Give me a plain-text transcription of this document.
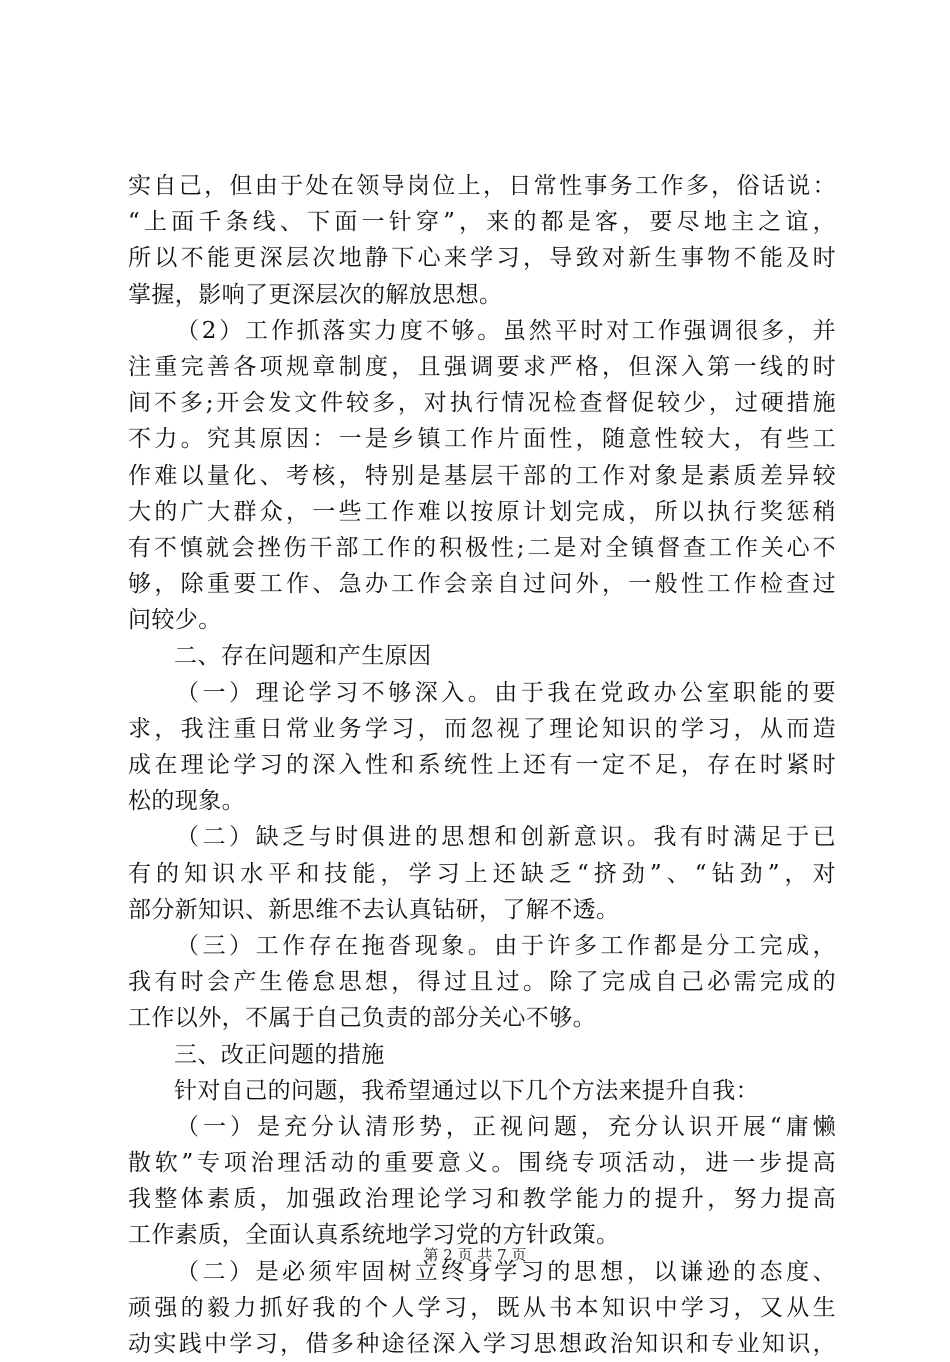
实自己，但由于处在领导岗位上，日常性事务工作多，俗话说：
“上面千条线、下面一针穿”，来的都是客，要尽地主之谊，
所以不能更深层次地静下心来学习，导致对新生事物不能及时
掌握，影响了更深层次的解放思想。
（2）工作抓落实力度不够。虽然平时对工作强调很多，并
注重完善各项规章制度，且强调要求严格，但深入第一线的时
间不多;开会发文件较多，对执行情况检查督促较少，过硬措施
不力。究其原因：一是乡镇工作片面性，随意性较大，有些工
作难以量化、考核，特别是基层干部的工作对象是素质差异较
大的广大群众，一些工作难以按原计划完成，所以执行奖惩稍
有不慎就会挫伤干部工作的积极性;二是对全镇督查工作关心不
够，除重要工作、急办工作会亲自过问外，一般性工作检查过
问较少。
二、存在问题和产生原因
（一）理论学习不够深入。由于我在党政办公室职能的要
求，我注重日常业务学习，而忽视了理论知识的学习，从而造
成在理论学习的深入性和系统性上还有一定不足，存在时紧时
松的现象。
（二）缺乏与时俱进的思想和创新意识。我有时满足于已
有的知识水平和技能，学习上还缺乏“挤劲”、“钻劲”，对
部分新知识、新思维不去认真钻研，了解不透。
（三）工作存在拖沓现象。由于许多工作都是分工完成，
我有时会产生倦怠思想，得过且过。除了完成自己必需完成的
工作以外，不属于自己负责的部分关心不够。
三、改正问题的措施
针对自己的问题，我希望通过以下几个方法来提升自我：
（一）是充分认清形势，正视问题，充分认识开展“庸懒
散软”专项治理活动的重要意义。围绕专项活动，进一步提高
我整体素质，加强政治理论学习和教学能力的提升，努力提高
工作素质，全面认真系统地学习党的方针政策。
（二）是必须牢固树立终身学习的思想，以谦逊的态度、
顽强的毅力抓好我的个人学习，既从书本知识中学习，又从生
动实践中学习，借多种途径深入学习思想政治知识和专业知识，
第 2 页 共 7 页
